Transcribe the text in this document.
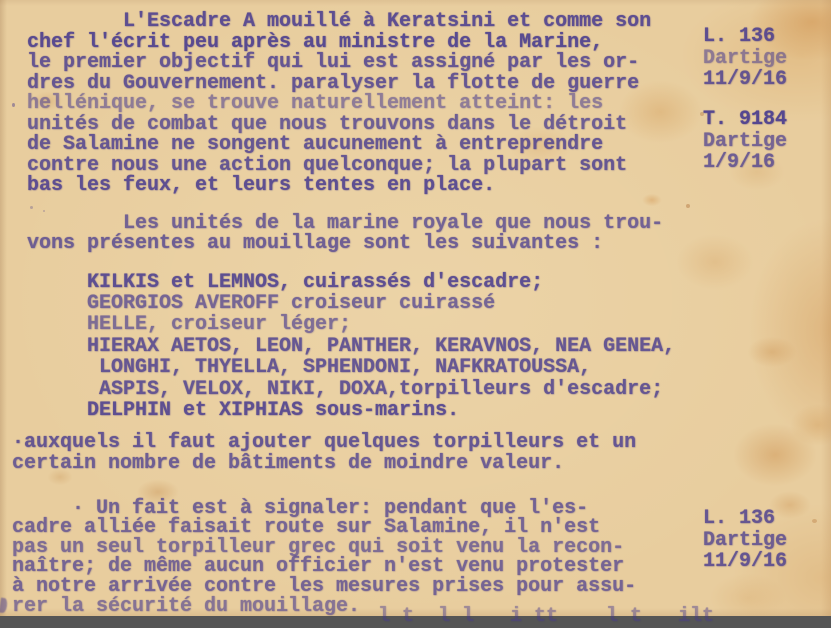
L'Escadre A mouillé à Keratsini et comme son
chef l'écrit peu après au ministre de la Marine,
le premier objectif qui lui est assigné par les or-
dres du Gouvernement. paralyser la flotte de guerre
hellénique, se trouve naturellement atteint: les
unités de combat que nous trouvons dans le détroit
de Salamine ne songent aucunement à entreprendre
contre nous une action quelconque; la plupart sont
bas les feux, et leurs tentes en place.
Les unités de la marine royale que nous trou-
vons présentes au mouillage sont les suivantes :
KILKIS et LEMNOS, cuirassés d'escadre;
GEORGIOS AVEROFF croiseur cuirassé
HELLE, croiseur léger;
HIERAX AETOS, LEON, PANTHER, KERAVNOS, NEA GENEA,
LONGHI, THYELLA, SPHENDONI, NAFKRATOUSSA,
ASPIS, VELOX, NIKI, DOXA,torpilleurs d'escadre;
DELPHIN et XIPHIAS sous-marins.
·auxquels il faut ajouter quelques torpilleurs et un
certain nombre de bâtiments de moindre valeur.
· Un fait est à signaler: pendant que l'es-
cadre alliée faisait route sur Salamine, il n'est
pas un seul torpilleur grec qui soit venu la recon-
naître; de même aucun officier n'est venu protester
à notre arrivée contre les mesures prises pour assu-
rer la sécurité du mouillage.
L. 136
Dartige
11/9/16
T. 9184
Dartige
1/9/16
L. 136
Dartige
11/9/16
l t  l l   i tt    l t   ilt
